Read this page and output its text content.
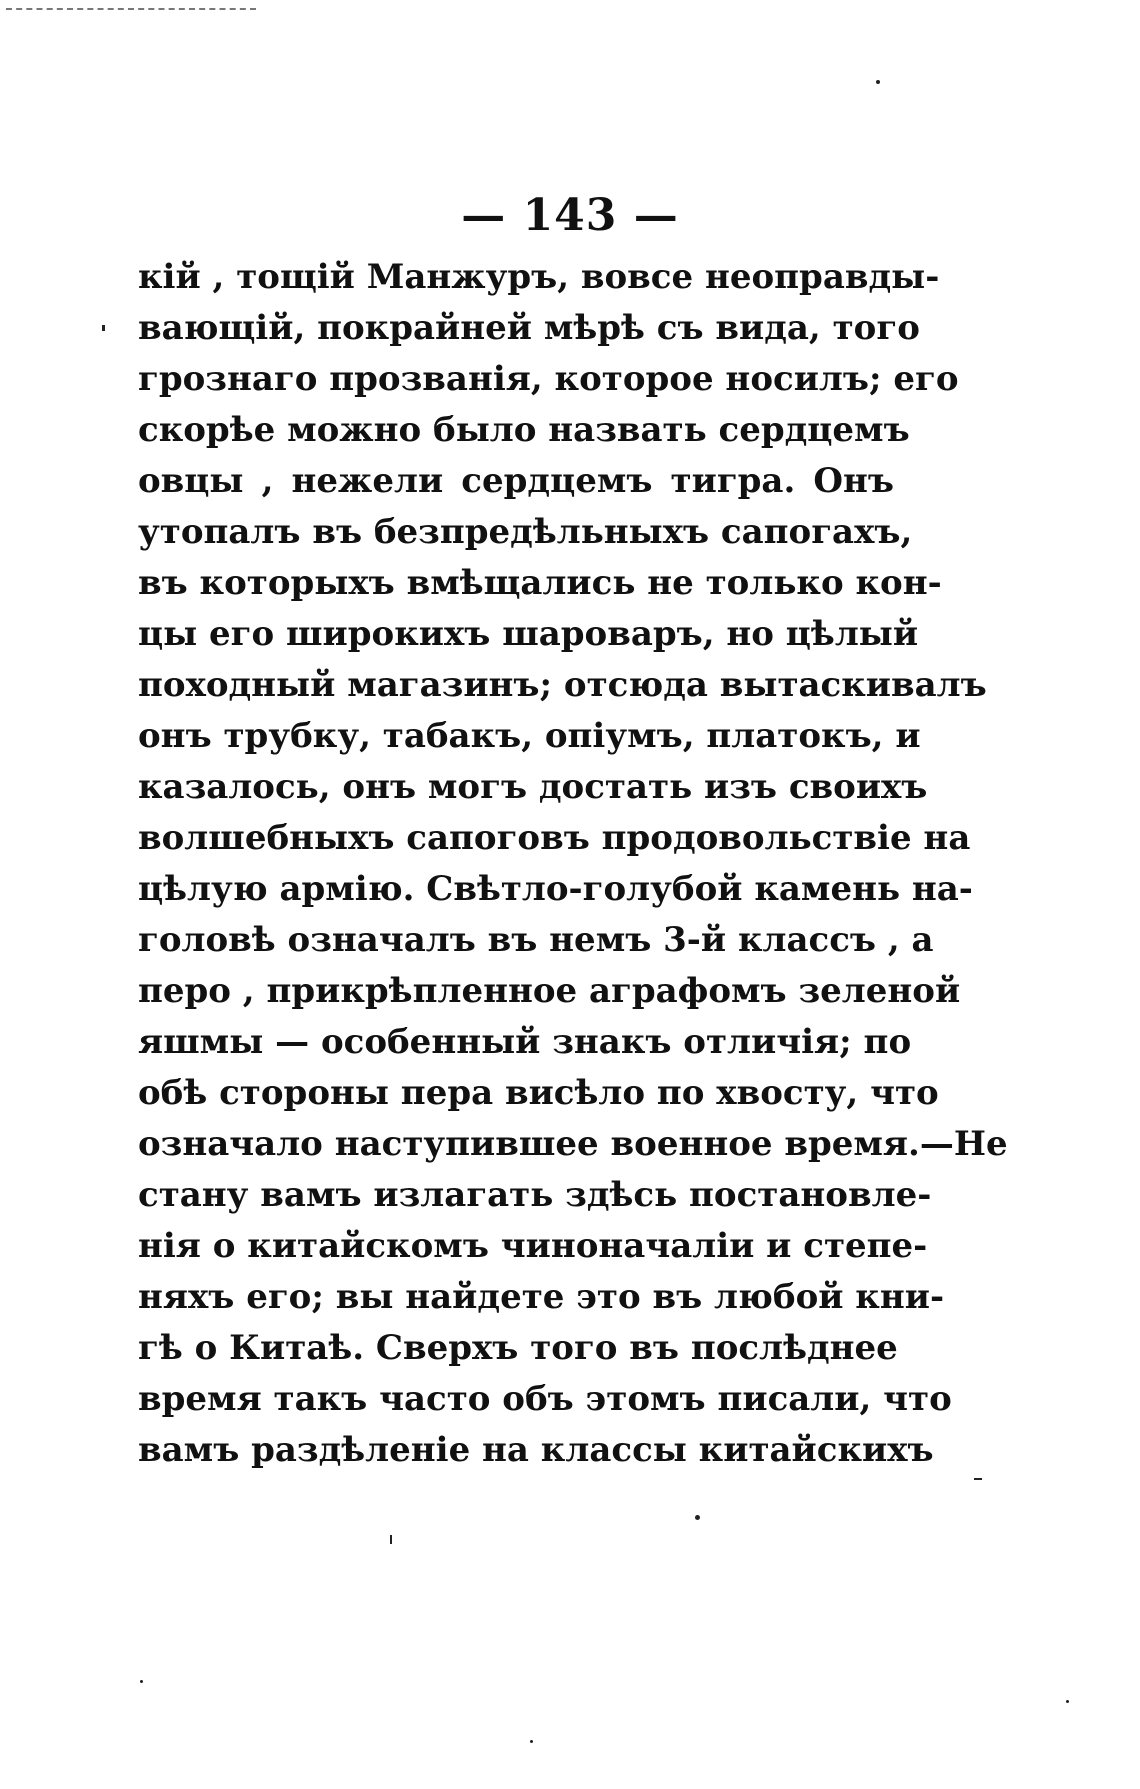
— 143 —
кій , тощій Манжуръ, вовсе неоправды-
вающій, покрайней мѣрѣ съ вида, того
грознаго прозванія, которое носилъ; его
скорѣе можно было назвать сердцемъ
овцы , нежели сердцемъ тигра. Онъ
утопалъ въ безпредѣльныхъ сапогахъ,
въ которыхъ вмѣщались не только кон-
цы его широкихъ шароваръ, но цѣлый
походный магазинъ; отсюда вытаскивалъ
онъ трубку, табакъ, опіумъ, платокъ, и
казалось, онъ могъ достать изъ своихъ
волшебныхъ сапоговъ продовольствіе на
цѣлую армію. Свѣтло-голубой камень на-
головѣ означалъ въ немъ 3-й классъ , а
перо , прикрѣпленное аграфомъ зеленой
яшмы — особенный знакъ отличія; по
обѣ стороны пера висѣло по хвосту, что
означало наступившее военное время.—Не
стану вамъ излагать здѣсь постановле-
нія о китайскомъ чиноначаліи и степе-
няхъ его; вы найдете это въ любой кни-
гѣ о Китаѣ. Сверхъ того въ послѣднее
время такъ часто объ этомъ писали, что
вамъ раздѣленіе на классы китайскихъ
